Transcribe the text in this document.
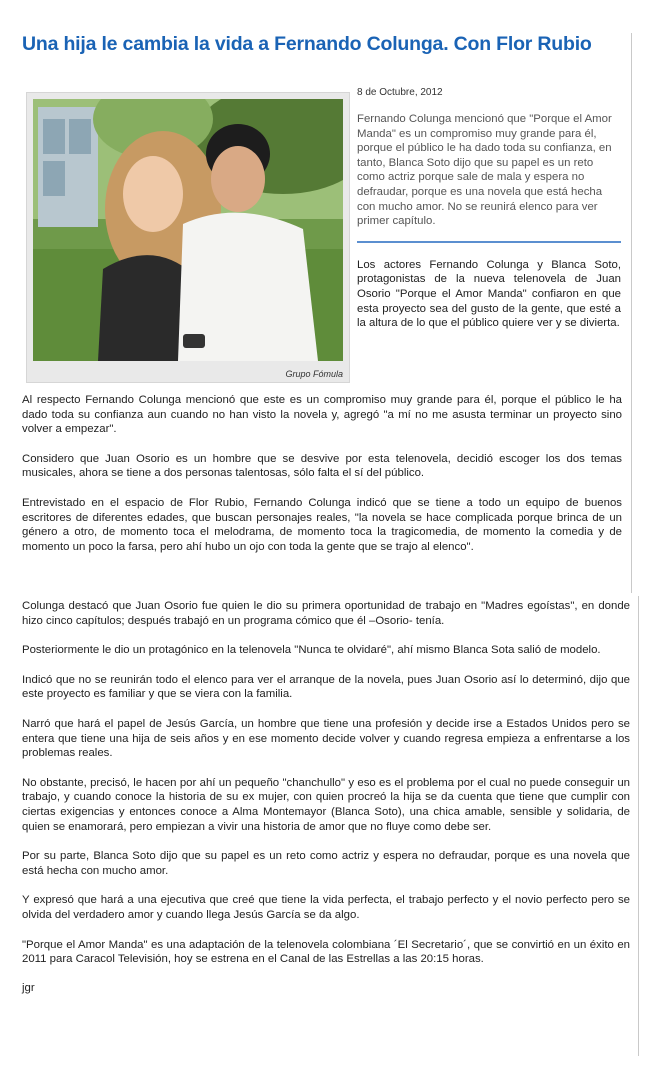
Una hija le cambia la vida a Fernando Colunga. Con Flor Rubio
Grupo Fómula
8 de Octubre, 2012

Fernando Colunga mencionó que "Porque el Amor Manda" es un compromiso muy grande para él, porque el público le ha dado toda su confianza, en tanto, Blanca Soto dijo que su papel es un reto como actriz porque sale de mala y espera no defraudar, porque es una novela que está hecha con mucho amor. No se reunirá elenco para ver primer capítulo.

Los actores Fernando Colunga y Blanca Soto, protagonistas de la nueva telenovela de Juan Osorio "Porque el Amor Manda" confiaron en que esta proyecto sea del gusto de la gente, que esté a la altura de lo que el público quiere ver y se divierta.

Al respecto Fernando Colunga mencionó que este es un compromiso muy grande para él, porque el público le ha dado toda su confianza aun cuando no han visto la novela y, agregó "a mí no me asusta terminar un proyecto sino volver a empezar".

Considero que Juan Osorio es un hombre que se desvive por esta telenovela, decidió escoger los dos temas musicales, ahora se tiene a dos personas talentosas, sólo falta el sí del público.

Entrevistado en el espacio de Flor Rubio, Fernando Colunga indicó que se tiene a todo un equipo de buenos escritores de diferentes edades, que buscan personajes reales, "la novela se hace complicada porque brinca de un género a otro, de momento toca el melodrama, de momento toca la tragicomedia, de momento la comedia y de momento un poco la farsa, pero ahí hubo un ojo con toda la gente que se trajo al elenco".

Colunga destacó que Juan Osorio fue quien le dio su primera oportunidad de trabajo en "Madres egoístas", en donde hizo cinco capítulos; después trabajó en un programa cómico que él –Osorio- tenía.

Posteriormente le dio un protagónico en la telenovela "Nunca te olvidaré", ahí mismo Blanca Sota salió de modelo.

Indicó que no se reunirán todo el elenco para ver el arranque de la novela, pues Juan Osorio así lo determinó, dijo que este proyecto es familiar y que se viera con la familia.

Narró que hará el papel de Jesús García, un hombre que tiene una profesión y decide irse a Estados Unidos pero se entera que tiene una hija de seis años y en ese momento decide volver y cuando regresa empieza a enfrentarse a los problemas reales.

No obstante, precisó, le hacen por ahí un pequeño "chanchullo" y eso es el problema por el cual no puede conseguir un trabajo, y cuando conoce la historia de su ex mujer, con quien procreó la hija se da cuenta que tiene que cumplir con ciertas exigencias y entonces conoce a Alma Montemayor (Blanca Soto), una chica amable, sensible y solidaria, de quien se enamorará, pero empiezan a vivir una historia de amor que no fluye como debe ser.

Por su parte, Blanca Soto dijo que su papel es un reto como actriz y espera no defraudar, porque es una novela que está hecha con mucho amor.

Y expresó que hará a una ejecutiva que creé que tiene la vida perfecta, el trabajo perfecto y el novio perfecto pero se olvida del verdadero amor y cuando llega Jesús García se da algo.

"Porque el Amor Manda" es una adaptación de la telenovela colombiana ´El Secretario´, que se convirtió en un éxito en 2011 para Caracol Televisión, hoy se estrena en el Canal de las Estrellas a las 20:15 horas.

jgr
